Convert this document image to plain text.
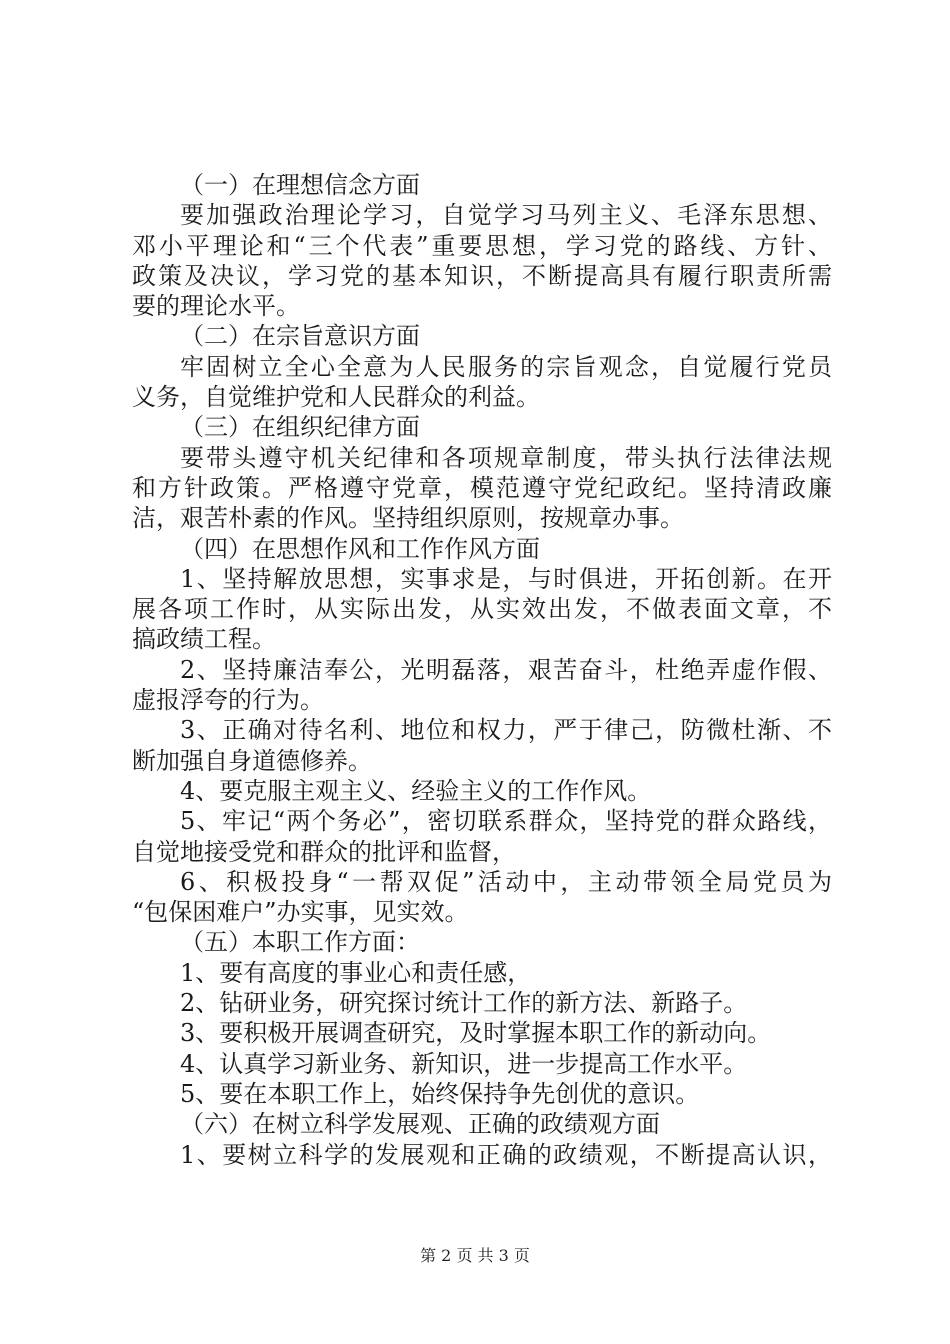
（一）在理想信念方面
要加强政治理论学习，自觉学习马列主义、毛泽东思想、
邓小平理论和“三个代表”重要思想，学习党的路线、方针、
政策及决议，学习党的基本知识，不断提高具有履行职责所需
要的理论水平。
（二）在宗旨意识方面
牢固树立全心全意为人民服务的宗旨观念，自觉履行党员
义务，自觉维护党和人民群众的利益。
（三）在组织纪律方面
要带头遵守机关纪律和各项规章制度，带头执行法律法规
和方针政策。严格遵守党章，模范遵守党纪政纪。坚持清政廉
洁，艰苦朴素的作风。坚持组织原则，按规章办事。
（四）在思想作风和工作作风方面
1、坚持解放思想，实事求是，与时俱进，开拓创新。在开
展各项工作时，从实际出发，从实效出发，不做表面文章，不
搞政绩工程。
2、坚持廉洁奉公，光明磊落，艰苦奋斗，杜绝弄虚作假、
虚报浮夸的行为。
3、正确对待名利、地位和权力，严于律己，防微杜渐、不
断加强自身道德修养。
4、要克服主观主义、经验主义的工作作风。
5、牢记“两个务必”，密切联系群众，坚持党的群众路线，
自觉地接受党和群众的批评和监督，
6、积极投身“一帮双促”活动中，主动带领全局党员为
“包保困难户”办实事，见实效。
（五）本职工作方面：
1、要有高度的事业心和责任感，
2、钻研业务，研究探讨统计工作的新方法、新路子。
3、要积极开展调查研究，及时掌握本职工作的新动向。
4、认真学习新业务、新知识，进一步提高工作水平。
5、要在本职工作上，始终保持争先创优的意识。
（六）在树立科学发展观、正确的政绩观方面
1、要树立科学的发展观和正确的政绩观，不断提高认识，
第 2 页 共 3 页
